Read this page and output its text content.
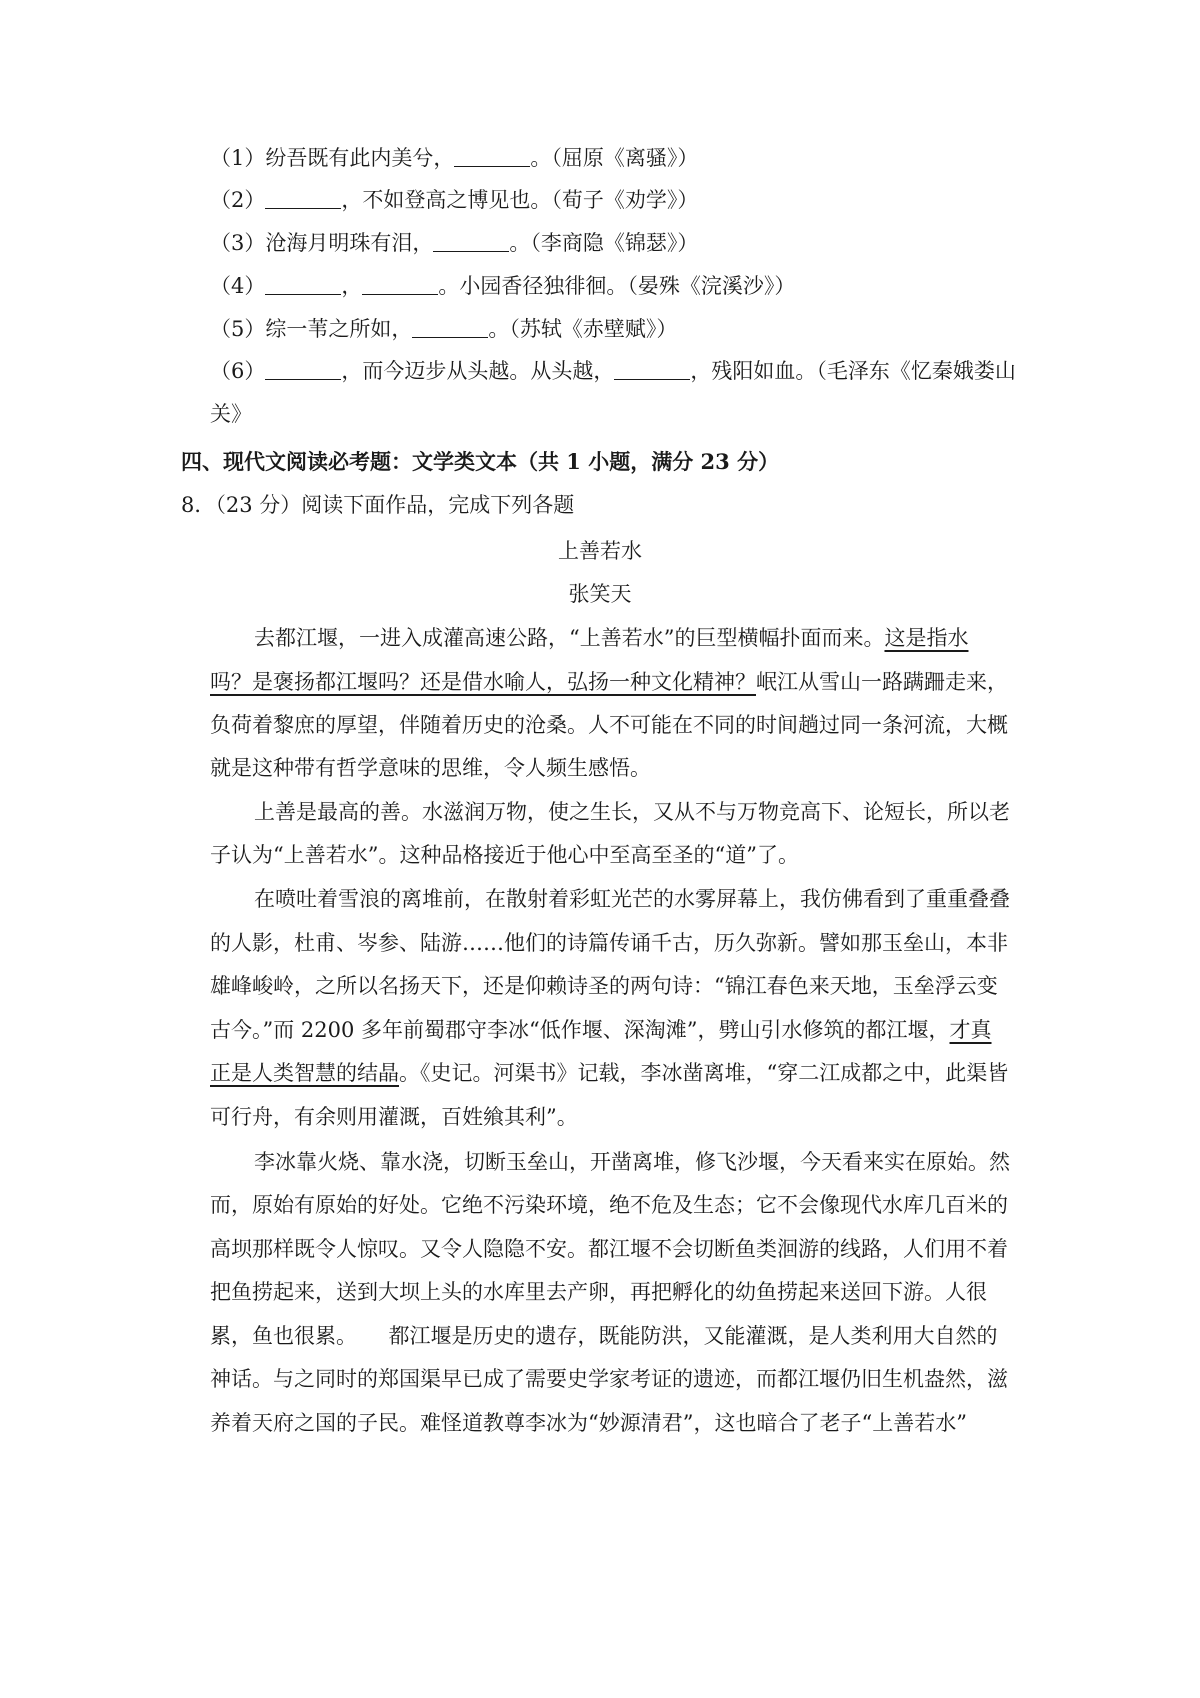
（1）纷吾既有此内美兮，	。（屈原《离骚》）
（2）	，不如登高之博见也。（荀子《劝学》）
（3）沧海月明珠有泪，	。（李商隐《锦瑟》）
（4）	，	。小园香径独徘徊。（晏殊《浣溪沙》）
（5）综一苇之所如，	。（苏轼《赤壁赋》）
（6）	，而今迈步从头越。从头越，	，残阳如血。（毛泽东《忆秦娥娄山
关》
四、现代文阅读必考题：文学类文本（共 1 小题，满分 23 分）
8．（23 分）阅读下面作品，完成下列各题
上善若水
张笑天
去都江堰，一进入成灌高速公路，“上善若水”的巨型横幅扑面而来。这是指水
吗？是褒扬都江堰吗？还是借水喻人，弘扬一种文化精神？岷江从雪山一路蹒跚走来，
负荷着黎庶的厚望，伴随着历史的沧桑。人不可能在不同的时间趟过同一条河流，大概
就是这种带有哲学意味的思维，令人频生感悟。
上善是最高的善。水滋润万物，使之生长，又从不与万物竞高下、论短长，所以老
子认为“上善若水”。这种品格接近于他心中至高至圣的“道”了。
在喷吐着雪浪的离堆前，在散射着彩虹光芒的水雾屏幕上，我仿佛看到了重重叠叠
的人影，杜甫、岑参、陆游……他们的诗篇传诵千古，历久弥新。譬如那玉垒山，本非
雄峰峻岭，之所以名扬天下，还是仰赖诗圣的两句诗：“锦江春色来天地，玉垒浮云变
古今。”而 2200 多年前蜀郡守李冰“低作堰、深淘滩”，劈山引水修筑的都江堰，才真
正是人类智慧的结晶。《史记。河渠书》记载，李冰凿离堆，“穿二江成都之中，此渠皆
可行舟，有余则用灌溉，百姓飨其利”。
李冰靠火烧、靠水浇，切断玉垒山，开凿离堆，修飞沙堰，今天看来实在原始。然
而，原始有原始的好处。它绝不污染环境，绝不危及生态；它不会像现代水库几百米的
高坝那样既令人惊叹。又令人隐隐不安。都江堰不会切断鱼类洄游的线路，人们用不着
把鱼捞起来，送到大坝上头的水库里去产卵，再把孵化的幼鱼捞起来送回下游。人很
累，鱼也很累。　　都江堰是历史的遗存，既能防洪，又能灌溉，是人类利用大自然的
神话。与之同时的郑国渠早已成了需要史学家考证的遗迹，而都江堰仍旧生机盎然，滋
养着天府之国的子民。难怪道教尊李冰为“妙源清君”，这也暗合了老子“上善若水”
